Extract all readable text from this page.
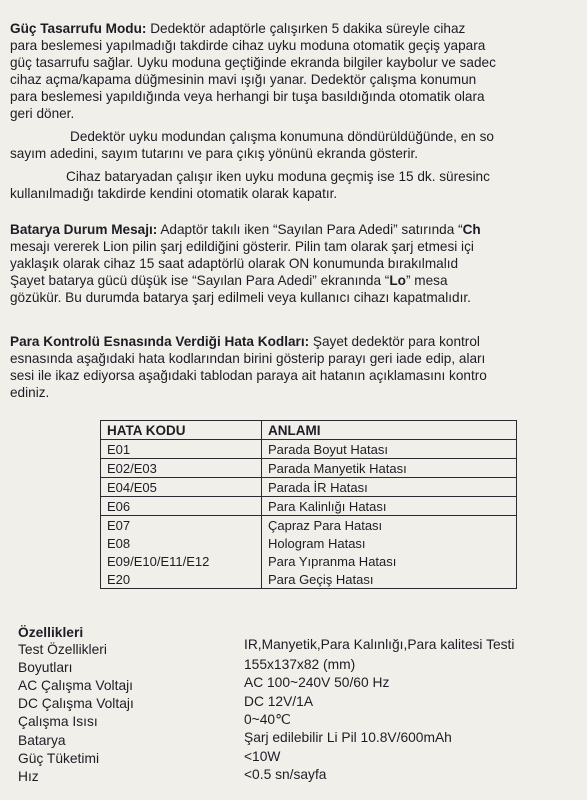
Güç Tasarrufu Modu: Dedektör adaptörle çalışırken 5 dakika süreyle cihaz
para beslemesi yapılmadığı takdirde cihaz uyku moduna otomatik geçiş yapara
güç tasarrufu sağlar. Uyku moduna geçtiğinde ekranda bilgiler kaybolur ve sadec
cihaz açma/kapama düğmesinin mavi ışığı yanar. Dedektör çalışma konumun
para beslemesi yapıldığında veya herhangi bir tuşa basıldığında otomatik olara
geri döner.
Dedektör uyku modundan çalışma konumuna döndürüldüğünde, en so
sayım adedini, sayım tutarını ve para çıkış yönünü ekranda gösterir.
Cihaz bataryadan çalışır iken uyku moduna geçmiş ise 15 dk. süresinc
kullanılmadığı takdirde kendini otomatik olarak kapatır.
Batarya Durum Mesajı: Adaptör takılı iken “Sayılan Para Adedi” satırında “Ch
mesajı vererek Lion pilin şarj edildiğini gösterir. Pilin tam olarak şarj etmesi içi
yaklaşık olarak cihaz 15 saat adaptörlü olarak ON konumunda bırakılmalıd
Şayet batarya gücü düşük ise “Sayılan Para Adedi” ekranında “Lo” mesa
gözükür. Bu durumda batarya şarj edilmeli veya kullanıcı cihazı kapatmalıdır.
Para Kontrolü Esnasında Verdiği Hata Kodları: Şayet dedektör para kontrol
esnasında aşağıdaki hata kodlarından birini gösterip parayı geri iade edip, aları
sesi ile ikaz ediyorsa aşağıdaki tablodan paraya ait hatanın açıklamasını kontro
ediniz.
HATA KODU	ANLAMI
E01	Parada Boyut Hatası
E02/E03	Parada Manyetik Hatası
E04/E05	Parada İR Hatası
E06	Para Kalinlığı Hatası
E07	Çapraz Para Hatası
E08	Hologram Hatası
E09/E10/E11/E12	Para Yıpranma Hatası
E20	Para Geçiş Hatası
Özellikleri
Test Özellikleri	IR,Manyetik,Para Kalınlığı,Para kalitesi Testi
Boyutları	155x137x82 (mm)
AC Çalışma Voltajı	AC 100~240V 50/60 Hz
DC Çalışma Voltajı	DC 12V/1A
Çalışma Isısı	0~40℃
Batarya	Şarj edilebilir Li Pil 10.8V/600mAh
Güç Tüketimi	<10W
Hız	<0.5 sn/sayfa
